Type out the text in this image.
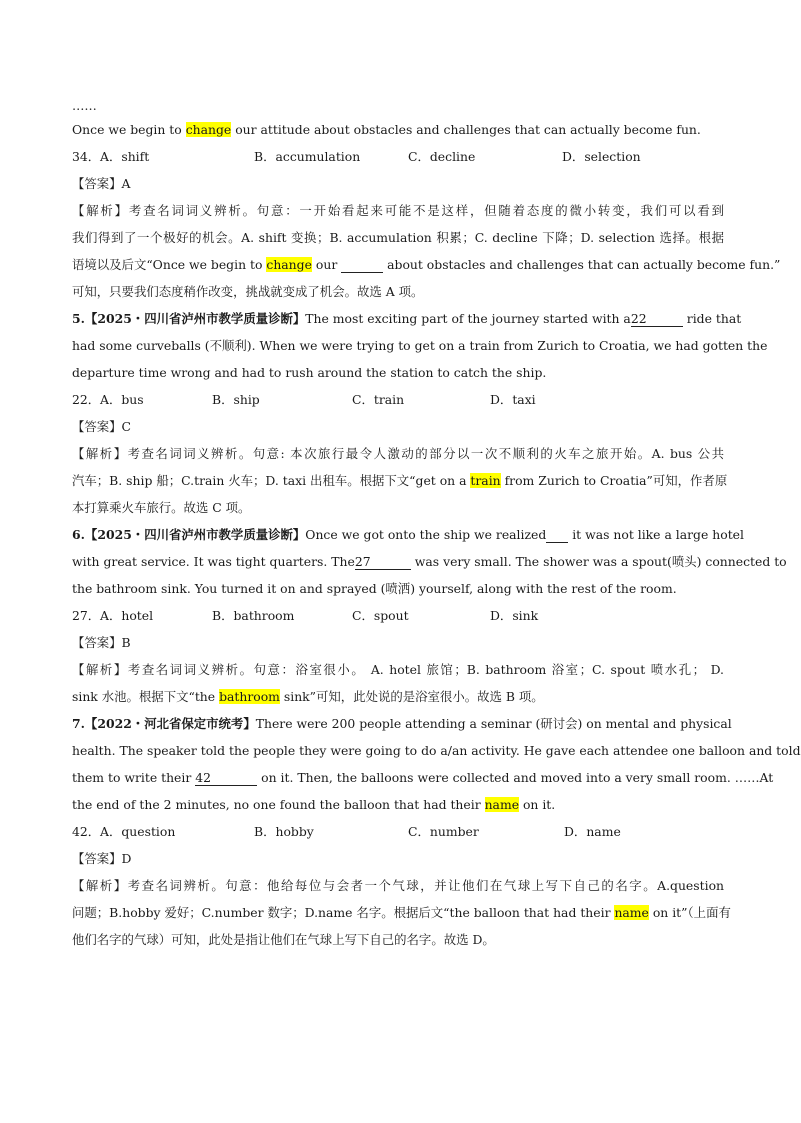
……
Once we begin to change our attitude about obstacles and challenges that can actually become fun.
34． A．shift	B．accumulation	C．decline	D．selection
【答案】A
【解析】考查名词词义辨析。句意：一开始看起来可能不是这样，但随着态度的微小转变，我们可以看到
我们得到了一个极好的机会。A. shift 变换；B. accumulation 积累；C. decline 下降；D. selection 选择。根据
语境以及后文“Once we begin to change our	about obstacles and challenges that can actually become fun.”
可知，只要我们态度稍作改变，挑战就变成了机会。故选 A 项。
5.【2025・四川省泸州市教学质量诊断】The most exciting part of the journey started with a22	ride that
had some curveballs (不顺利). When we were trying to get on a train from Zurich to Croatia, we had gotten the
departure time wrong and had to rush around the station to catch the ship.
22． A．bus	B．ship	C．train	D．taxi
【答案】C
【解析】考查名词词义辨析。句意: 本次旅行最令人激动的部分以一次不顺利的火车之旅开始。A. bus 公共
汽车；B. ship 船；C.train 火车；D. taxi 出租车。根据下文“get on a train from Zurich to Croatia”可知，作者原
本打算乘火车旅行。故选 C 项。
6.【2025・四川省泸州市教学质量诊断】Once we got onto the ship we realized  it was not like a large hotel
with great service. It was tight quarters. The27	was very small. The shower was a spout(喷头) connected to
the bathroom sink. You turned it on and sprayed (喷洒) yourself, along with the rest of the room.
27． A．hotel	B．bathroom	C．spout	D．sink
【答案】B
【解析】考查名词词义辨析。句意：浴室很小。 A. hotel 旅馆；B. bathroom 浴室；C. spout 喷水孔； D.
sink 水池。根据下文“the bathroom sink”可知，此处说的是浴室很小。故选 B 项。
7.【2022・河北省保定市统考】There were 200 people attending a seminar (研讨会) on mental and physical
health. The speaker told the people they were going to do a/an activity. He gave each attendee one balloon and told
them to write their 42	on it. Then, the balloons were collected and moved into a very small room. ……At
the end of the 2 minutes, no one found the balloon that had their name on it.
42． A．question	B．hobby	C．number	D．name
【答案】D
【解析】考查名词辨析。句意：他给每位与会者一个气球，并让他们在气球上写下自己的名字。A.question
问题；B.hobby 爱好；C.number 数字；D.name 名字。根据后文“the balloon that had their name on it”（上面有
他们名字的气球）可知，此处是指让他们在气球上写下自己的名字。故选 D。
